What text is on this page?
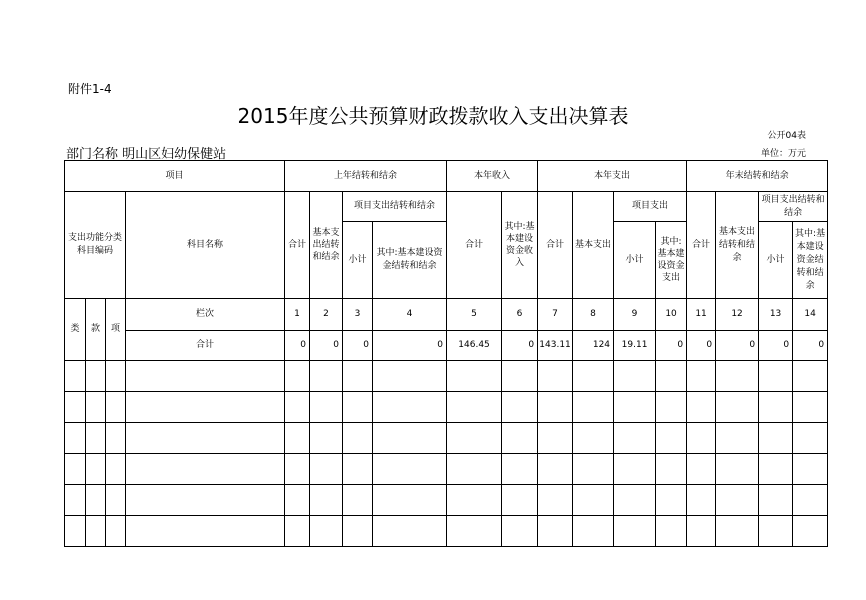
附件1-4
2015年度公共预算财政拨款收入支出决算表
公开04表
部门名称 明山区妇幼保健站	单位：万元
项目				上年结转和结余				本年收入		本年支出				年末结转和结余			
支出功能分类科目编码			科目名称	合计	基本支出结转和结余	项目支出结转和结余		合计	其中:基本建设资金收入	合计	基本支出	项目支出		合计	基本支出结转和结余	项目支出结转和结余	
						小计	其中:基本建设资金结转和结余					小计	其中:基本建设资金支出			小计	其中:基本建设资金结转和结余
类	款	项	栏次	1	2	3	4	5	6	7	8	9	10	11	12	13	14
			合计	0	0	0	0	146.45	0	143.11	124	19.11	0	0	0	0	0
